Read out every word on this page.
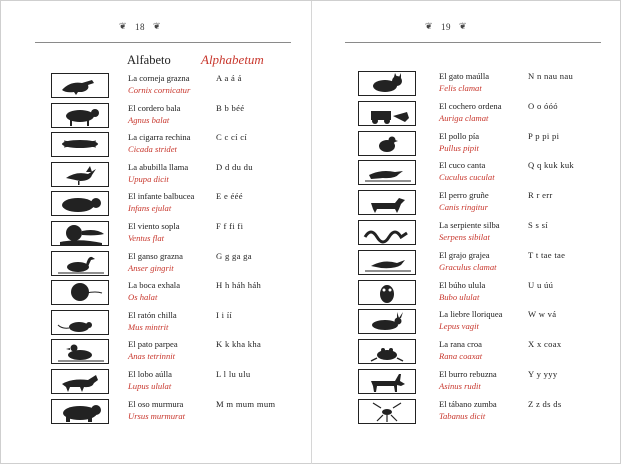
❦ 18 ❦
Alfabeto Alphabetum
La corneja grazna
Cornix cornicatur
A a á á
El cordero bala
Agnus balat
B b béé
La cigarra rechina
Cicada stridet
C c cí cí
La abubilla llama
Upupa dicit
D d du du
El infante balbucea
Infans ejulat
E e ééé
El viento sopla
Ventus flat
F f fi fi
El ganso grazna
Anser gingrit
G g ga ga
La boca exhala
Os halat
H h háh háh
El ratón chilla
Mus mintrit
I i íí
El pato parpea
Anas tetrinnit
K k kha kha
El lobo aúlla
Lupus ululat
L l lu ulu
El oso murmura
Ursus murmurat
M m mum mum
❦ 19 ❦
El gato maúlla
Felis clamat
N n nau nau
El cochero ordena
Auriga clamat
O o óóó
El pollo pía
Pullus pipit
P p pi pi
El cuco canta
Cuculus cuculat
Q q kuk kuk
El perro gruñe
Canis ringitur
R r err
La serpiente silba
Serpens sibilat
S s sí
El grajo grajea
Graculus clamat
T t tae tae
El búho ulula
Bubo ululat
U u úú
La liebre lloriquea
Lepus vagit
W w vá
La rana croa
Rana coaxat
X x coax
El burro rebuzna
Asinus rudit
Y y yyy
El tábano zumba
Tabanus dicit
Z z ds ds
